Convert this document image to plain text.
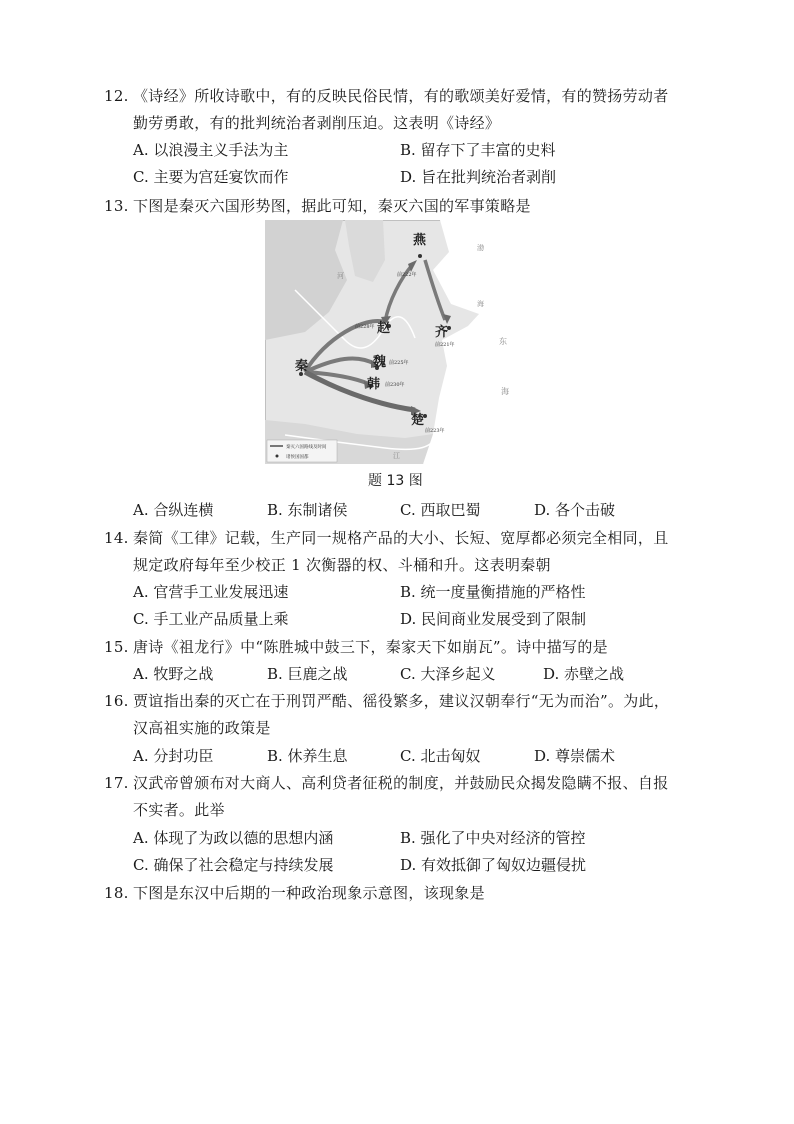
12. 《诗经》所收诗歌中，有的反映民俗民情，有的歌颂美好爱情，有的赞扬劳动者
勤劳勇敢，有的批判统治者剥削压迫。这表明《诗经》
A. 以浪漫主义手法为主	B. 留存下了丰富的史料
C. 主要为宫廷宴饮而作	D. 旨在批判统治者剥削
13. 下图是秦灭六国形势图，据此可知，秦灭六国的军事策略是
燕
赵	齐
秦	魏
韩
楚
前222年
前228年
前221年
前225年
前230年
前223年
渤
海
河
东
海
江
秦灭六国路线及时间
诸侯国国都
题 13 图
A. 合纵连横	B. 东制诸侯	C. 西取巴蜀	D. 各个击破
14. 秦简《工律》记载，生产同一规格产品的大小、长短、宽厚都必须完全相同，且
规定政府每年至少校正 1 次衡器的权、斗桶和升。这表明秦朝
A. 官营手工业发展迅速	B. 统一度量衡措施的严格性
C. 手工业产品质量上乘	D. 民间商业发展受到了限制
15. 唐诗《祖龙行》中“陈胜城中鼓三下，秦家天下如崩瓦”。诗中描写的是
A. 牧野之战	B. 巨鹿之战	C. 大泽乡起义	D. 赤壁之战
16. 贾谊指出秦的灭亡在于刑罚严酷、徭役繁多，建议汉朝奉行“无为而治”。为此，
汉高祖实施的政策是
A. 分封功臣	B. 休养生息	C. 北击匈奴	D. 尊崇儒术
17. 汉武帝曾颁布对大商人、高利贷者征税的制度，并鼓励民众揭发隐瞒不报、自报
不实者。此举
A. 体现了为政以德的思想内涵	B. 强化了中央对经济的管控
C. 确保了社会稳定与持续发展	D. 有效抵御了匈奴边疆侵扰
18. 下图是东汉中后期的一种政治现象示意图，该现象是
